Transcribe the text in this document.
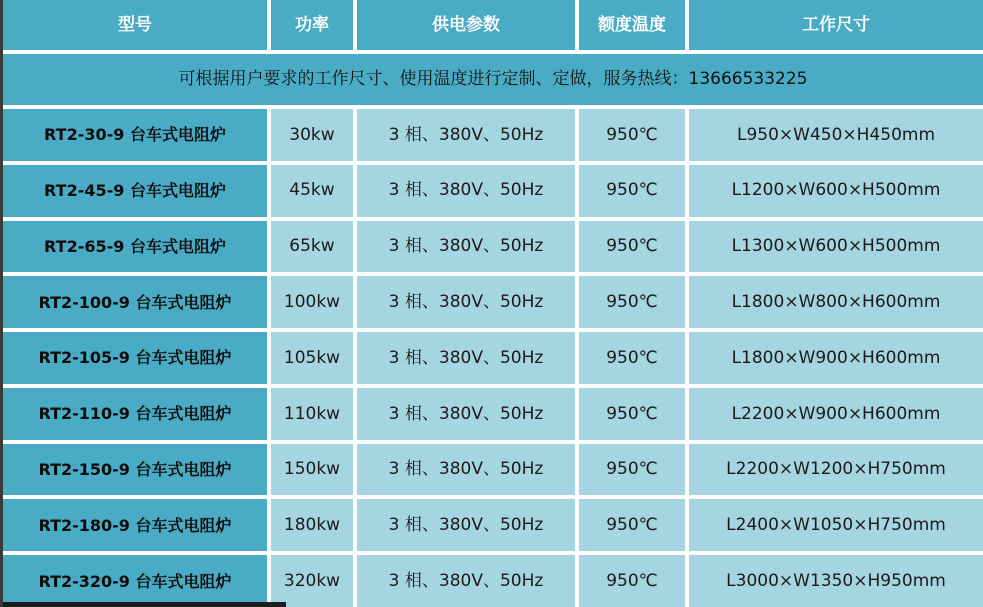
型号	功率	供电参数	额度温度	工作尺寸
可根据用户要求的工作尺寸、使用温度进行定制、定做，服务热线：13666533225
RT2-30-9 台车式电阻炉	30kw	3 相、380V、50Hz	950℃	L950×W450×H450mm
RT2-45-9 台车式电阻炉	45kw	3 相、380V、50Hz	950℃	L1200×W600×H500mm
RT2-65-9 台车式电阻炉	65kw	3 相、380V、50Hz	950℃	L1300×W600×H500mm
RT2-100-9 台车式电阻炉	100kw	3 相、380V、50Hz	950℃	L1800×W800×H600mm
RT2-105-9 台车式电阻炉	105kw	3 相、380V、50Hz	950℃	L1800×W900×H600mm
RT2-110-9 台车式电阻炉	110kw	3 相、380V、50Hz	950℃	L2200×W900×H600mm
RT2-150-9 台车式电阻炉	150kw	3 相、380V、50Hz	950℃	L2200×W1200×H750mm
RT2-180-9 台车式电阻炉	180kw	3 相、380V、50Hz	950℃	L2400×W1050×H750mm
RT2-320-9 台车式电阻炉	320kw	3 相、380V、50Hz	950℃	L3000×W1350×H950mm
